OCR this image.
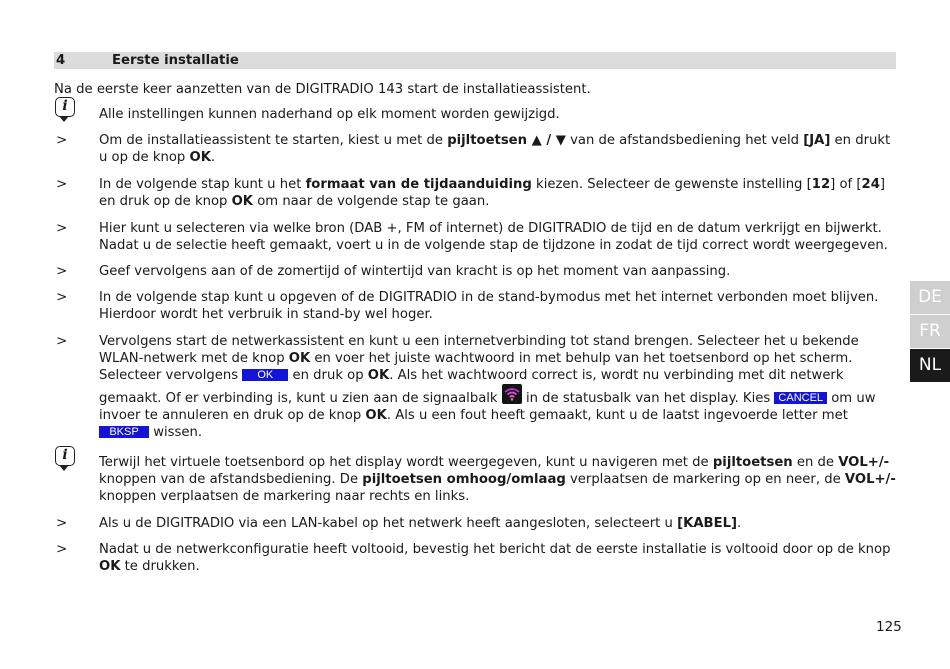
4	Eerste installatie
Na de eerste keer aanzetten van de DIGITRADIO 143 start de installatieassistent.
i
Alle instellingen kunnen naderhand op elk moment worden gewijzigd.
> Om de installatieassistent te starten, kiest u met de pijltoetsen ▲ / ▼ van de afstandsbediening het veld [JA] en drukt u op de knop OK.
> In de volgende stap kunt u het formaat van de tijdaanduiding kiezen. Selecteer de gewenste instelling [12] of [24] en druk op de knop OK om naar de volgende stap te gaan.
> Hier kunt u selecteren via welke bron (DAB +, FM of internet) de DIGITRADIO de tijd en de datum verkrijgt en bijwerkt. Nadat u de selectie heeft gemaakt, voert u in de volgende stap de tijdzone in zodat de tijd correct wordt weergegeven.
> Geef vervolgens aan of de zomertijd of wintertijd van kracht is op het moment van aanpassing.
> In de volgende stap kunt u opgeven of de DIGITRADIO in de stand-bymodus met het internet verbonden moet blijven. Hierdoor wordt het verbruik in stand-by wel hoger.
> Vervolgens start de netwerkassistent en kunt u een internetverbinding tot stand brengen. Selecteer het u bekende WLAN-netwerk met de knop OK en voer het juiste wachtwoord in met behulp van het toetsenbord op het scherm. Selecteer vervolgens OK en druk op OK. Als het wachtwoord correct is, wordt nu verbinding met dit netwerk gemaakt. Of er verbinding is, kunt u zien aan de signaalbalk
in de statusbalk van het display. Kies CANCEL om uw invoer te annuleren en druk op de knop OK. Als u een fout heeft gemaakt, kunt u de laatst ingevoerde letter met BKSP wissen.
i	Terwijl het virtuele toetsenbord op het display wordt weergegeven, kunt u navigeren met de pijltoetsen en de VOL+/- knoppen van de afstandsbediening. De pijltoetsen omhoog/omlaag verplaatsen de markering op en neer, de VOL+/- knoppen verplaatsen de markering naar rechts en links.
> Als u de DIGITRADIO via een LAN-kabel op het netwerk heeft aangesloten, selecteert u [KABEL].
> Nadat u de netwerkconfiguratie heeft voltooid, bevestig het bericht dat de eerste installatie is voltooid door op de knop OK te drukken.
DE
FR
NL
125
